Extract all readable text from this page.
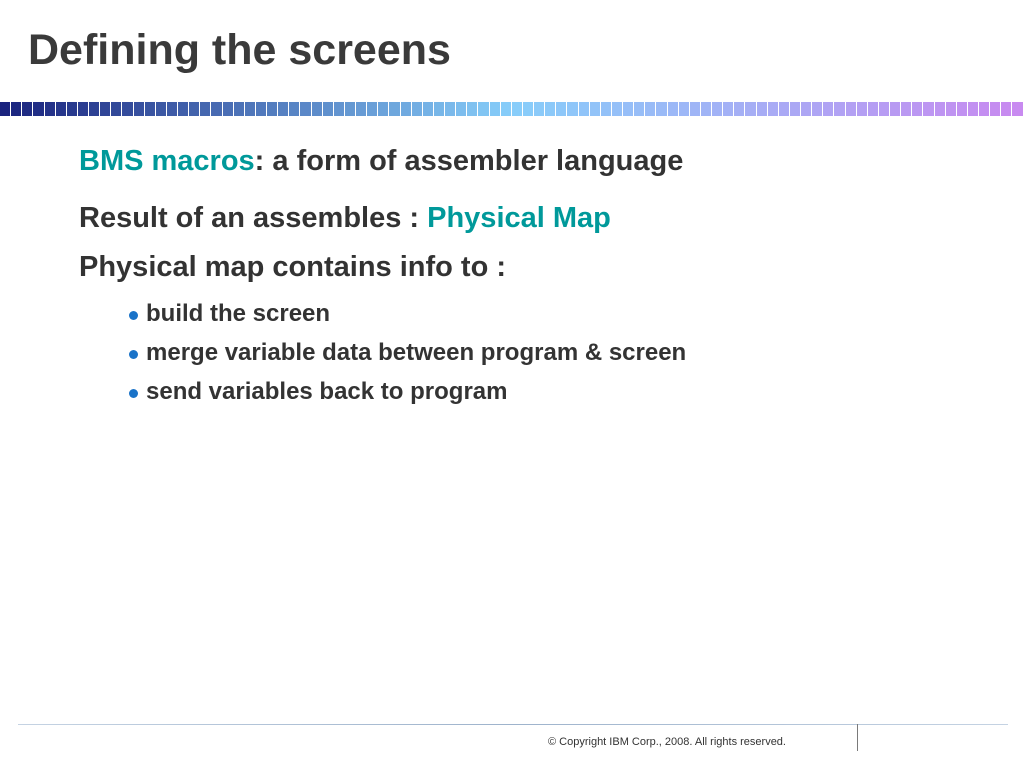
Defining the screens
BMS macros: a form of assembler language
Result of an assembles : Physical Map
Physical map contains info to :
build the screen
merge variable data between program & screen
send variables back to program
© Copyright IBM Corp., 2008. All rights reserved.
